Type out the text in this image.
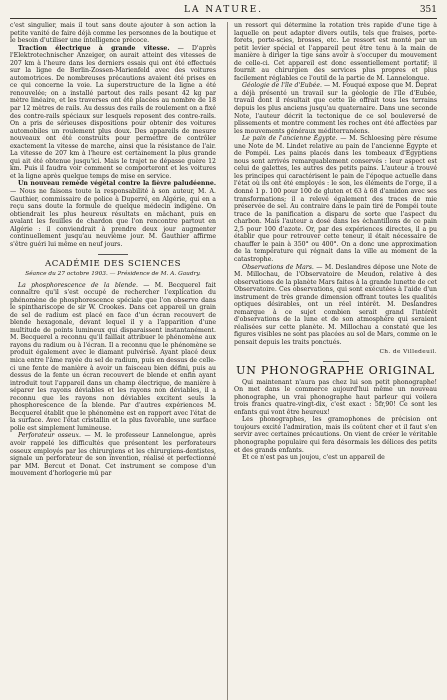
LA NATURE.	351

c'est singulier, mais il tout sans doute ajouter à son action la petite vanité de faire déjà comme les personnes de la boutique et le besoin d'utiliser une intelligence précoce.

Traction électrique à grande vitesse. — D'après l'Elektrotechnischer Anzeiger, on aurait atteint des vitesses de 207 km à l'heure dans les derniers essais qui ont été effectués sur la ligne de Berlin-Zossen-Marienfeld avec des voitures automotrices. De nombreuses précautions avaient été prises en ce qui concerne la voie. La superstructure de la ligne a été renouvelée; on a installé partout des rails pesant 42 kg par mètre linéaire, et les traverses ont été placées au nombre de 18 par 12 mètres de rails. Au dessus des rails de roulement on a fixé des contre-rails spéciaux sur lesquels reposent des contre-rails. On a pris de sérieuses dispositions pour obtenir des voitures automobiles un roulement plus doux. Des appareils de mesure nouveaux ont été construits pour permettre de contrôler exactement la vitesse de marche, ainsi que la résistance de l'air. La vitesse de 207 km à l'heure est certainement la plus grande qui ait été obtenue jusqu'ici. Mais le trajet ne dépasse guère 12 km. Puis il faudra voir comment se comporteront et les voitures et la ligne après quelque temps de mise en service.

Un nouveau remède végétal contre la fièvre paludéenne. — Nous ne faisons toute la responsabilité à son auteur, M. A. Gauthier, commissaire de police à Duperré, en Algérie, qui en a reçu sans doute la formule de quelque médecin indigène. On obtiendrait les plus heureux résultats en mâchant, puis en avalant les feuilles de chardon que l'on rencontre partout en Algérie : il conviendrait à prendre deux jour augmenter continuellement jusqu'au neuvième jour. M. Gauthier affirme s'être guéri lui même en neuf jours.

ACADÉMIE DES SCIENCES
Séance du 27 octobre 1903. — Présidence de M. A. Gaudry.

La phosphorescence de la blende. — M. Becquerel fait connaître qu'il s'est occupé de rechercher l'explication du phénomène de phosphorescence spéciale que l'on observe dans le spinthariscope de sir W. Crookes. Dans cet appareil un grain de sel de radium est placé en face d'un écran recouvert de blende hexagonale, devant lequel il y a l'apparition d'une multitude de points lumineux qui disparaissent instantanément. M. Becquerel a reconnu qu'il faillait attribuer le phénomène aux rayons du radium ou à l'écran. Il a reconnu que le phénomène se produit également avec le diamant pulvérisé. Ayant placé deux mica entre l'âme rayée du sel de radium, puis en dessus de celle-ci une fente de manière à avoir un faisceau bien défini, puis au dessus de la fente un écran recouvert de blende et enfin ayant introduit tout l'appareil dans un champ électrique, de manière à séparer les rayons déviables et les rayons non déviables, il a reconnu que les rayons non déviables excitent seuls la phosphorescence de la blende. Par d'autres expériences M. Becquerel établit que le phénomène est en rapport avec l'état de la surface. Avec l'état cristallin et la plus favorable, une surface polie est simplement lumineuse.

Perforateur osseux. — M. le professeur Lannelongue, après avoir rappelé les difficultés que présentent les perforateurs osseux employés par les chirurgiens et les chirurgiens-dentistes, signale un perforateur de son invention, réalisé et perfectionné par MM. Bercut et Donat. Cet instrument se compose d'un mouvement d'horlogerie mû par

un ressort qui détermine la rotation très rapide d'une tige à laquelle on peut adapter divers outils, tels que fraises, porte-forets, porte-scies, brosses, etc. Le ressort est monté par un petit levier spécial et l'appareil peut être tenu à la main de manière à diriger la tige sans avoir à s'occuper du mouvement de celle-ci. Cet appareil est donc essentiellement portatif; il fournit au chirurgien des services plus propres et plus facilement réglables ce l'outil de la partie de M. Lannelongue.

Géologie de l'île d'Eubée. — M. Fouqué expose que M. Deprat a déjà présenté un travail sur la géologie de l'île d'Eubée, travail dont il résultait que cette île offrait tous les terrains depuis les plus anciens jusqu'au quaternaire. Dans une seconde Note, l'auteur décrit la tectonique de ce sol bouleversé de plissements et montre comment les roches ont été affectées par les mouvements généraux méditerranéens.

Le pain de l'ancienne Égypte. — M. Schloesing père résume une Note de M. Lindet relative au pain de l'ancienne Égypte et de Pompéi. Les pains placés dans les tombeaux d'Égyptiens nous sont arrivés remarquablement conservés : leur aspect est celui de galettes, les autres des petits pains. L'auteur a trouvé les principes qui caractérisent le pain de l'époque actuelle dans l'état où ils ont été employés : le son, les éléments de l'orge, il a donné 1 p. 100 pour 100 de gluten et 63 à 68 d'amidon avec ses transformations; il a relevé également des traces de mie préservée de sel. Au contraire dans le pain tiré de Pompéi toute trace de la panification a disparu de sorte que l'aspect du charbon. Mais l'auteur a dosé dans les échantillons de ce pain 2,5 pour 100 d'azote. Or, par des expériences directes, il a pu établir que pour retrouver cette teneur, il était nécessaire de chauffer le pain à 350° ou 400°. On a donc une approximation de la température qui régnait dans la ville au moment de la catastrophe.

Observations de Mars. — M. Deslandres dépose une Note de M. Millochau, de l'Observatoire de Meudon, relative à des observations de la planète Mars faites à la grande lunette de cet Observatoire. Ces observations, qui sont exécutées à l'aide d'un instrument de très grande dimension offrant toutes les qualités optiques désirables, ont un réel intérêt. M. Deslandres remarque à ce sujet combien serait grand l'intérêt d'observations de la lune et de son atmosphère qui seraient réalisées sur cette planète. M. Millochau a constaté que les figures visibles ne sont pas placées au sol de Mars, comme on le pensait depuis les traits ponctués.

Ch. de Villedeuil.
UN PHONOGRAPHE ORIGINAL

Qui maintenant n'aura pas chez lui son petit phonographe! On met dans le commerce aujourd'hui même un nouveau phonographe, un vrai phonographe haut parleur qui voilera trois francs quatre-vingt-dix, c'est exact : 5fr,90! Ce sont les enfants qui vont être heureux!

Les phonographes, les gramophones de précision ont toujours excité l'admiration, mais ils coûtent cher et il faut s'en servir avec certaines précautions. On vient de créer le véritable phonographe populaire qui fera désormais les délices des petits et des grands enfants.

Et ce n'est pas un joujou, c'est un appareil de
